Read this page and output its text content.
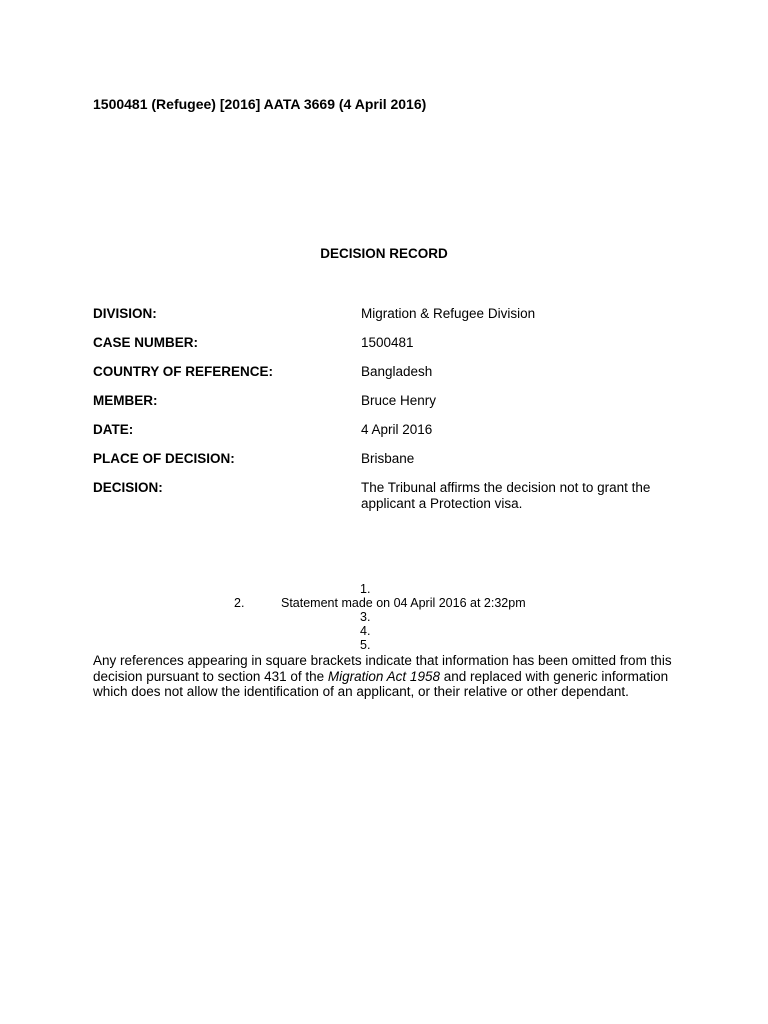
1500481 (Refugee) [2016] AATA 3669 (4 April 2016)
DECISION RECORD
DIVISION:	Migration & Refugee Division
CASE NUMBER:	1500481
COUNTRY OF REFERENCE:	Bangladesh
MEMBER:	Bruce Henry
DATE:	4 April 2016
PLACE OF DECISION:	Brisbane
DECISION:	The Tribunal affirms the decision not to grant the applicant a Protection visa.
1.
2.	Statement made on 04 April 2016 at 2:32pm
3.
4.
5.
Any references appearing in square brackets indicate that information has been omitted from this decision pursuant to section 431 of the Migration Act 1958 and replaced with generic information which does not allow the identification of an applicant, or their relative or other dependant.
